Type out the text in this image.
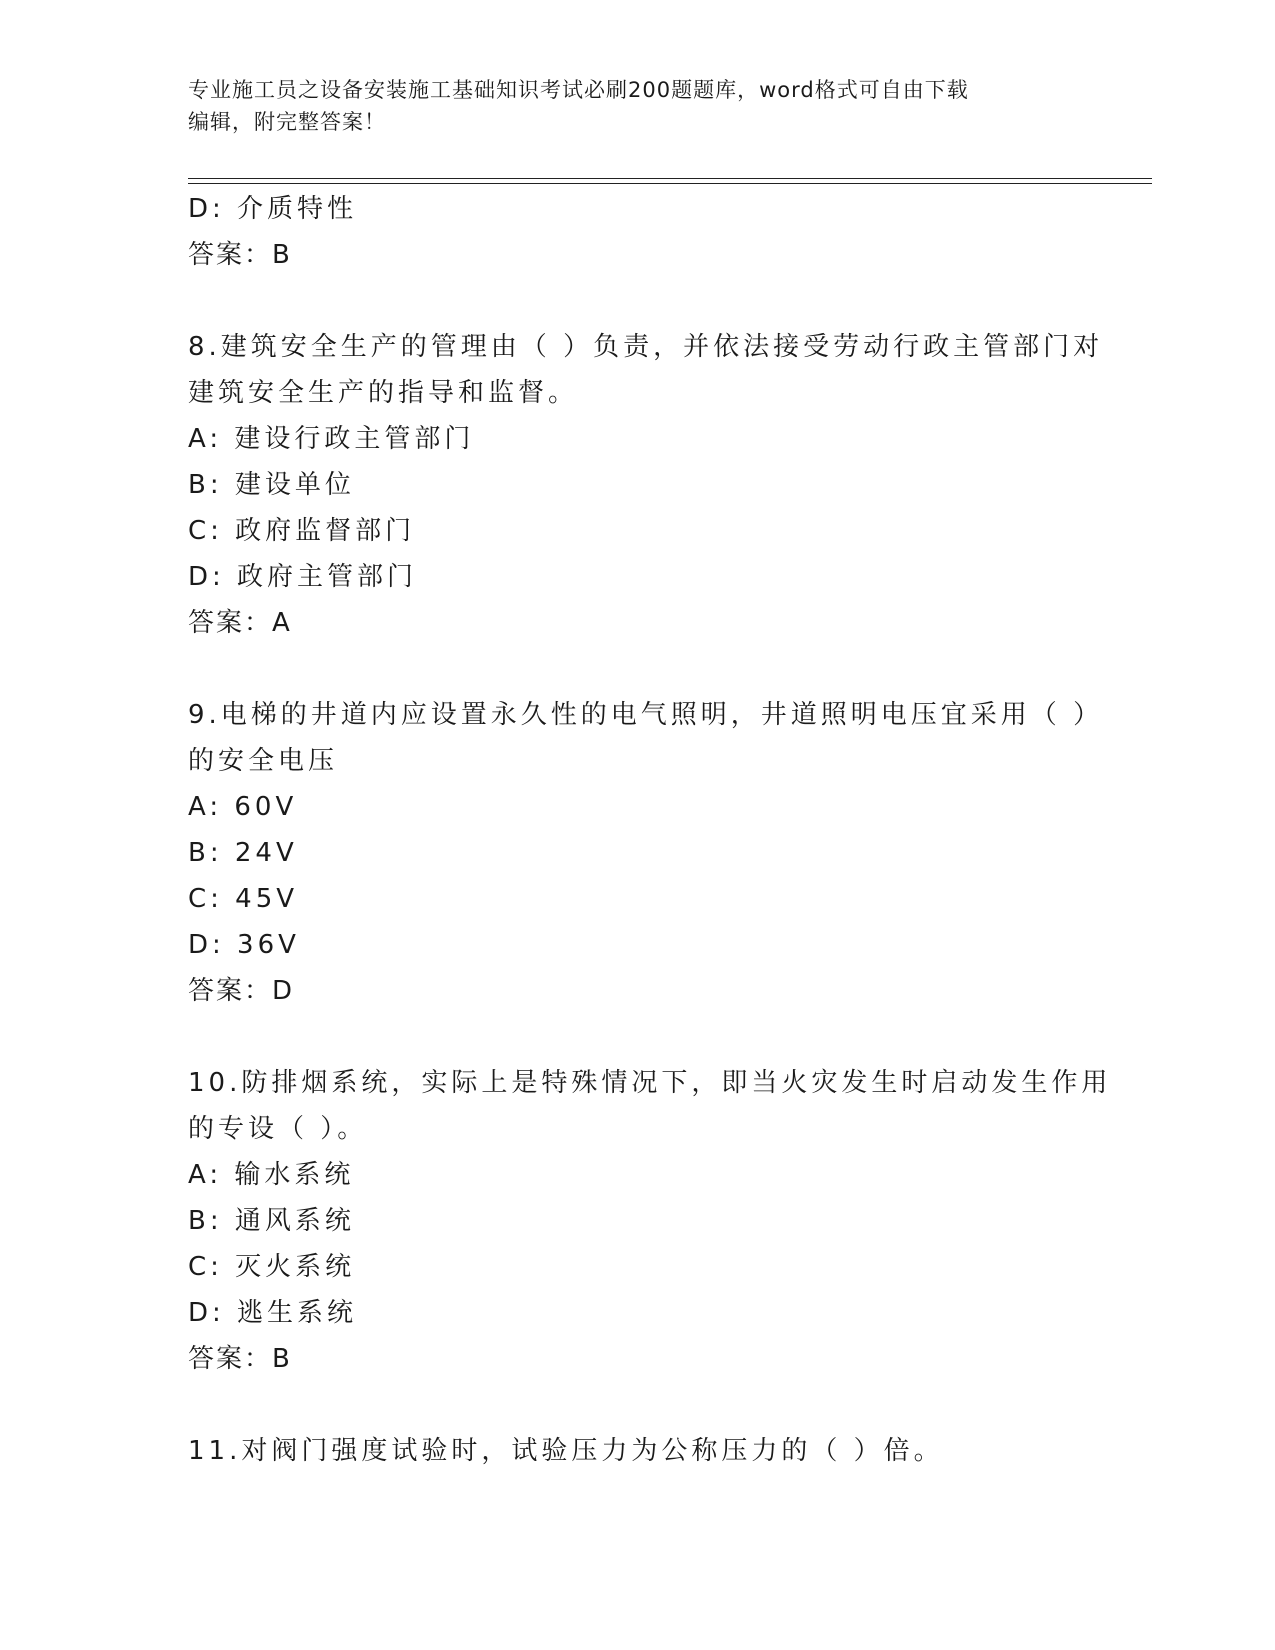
专业施工员之设备安装施工基础知识考试必刷200题题库，word格式可自由下载
编辑，附完整答案！
D: 介质特性
答案：B
8.建筑安全生产的管理由（ ）负责，并依法接受劳动行政主管部门对
建筑安全生产的指导和监督。
A: 建设行政主管部门
B: 建设单位
C: 政府监督部门
D: 政府主管部门
答案：A
9.电梯的井道内应设置永久性的电气照明，井道照明电压宜采用（ ）
的安全电压
A: 60V
B: 24V
C: 45V
D: 36V
答案：D
10.防排烟系统，实际上是特殊情况下，即当火灾发生时启动发生作用
的专设（ ）。
A: 输水系统
B: 通风系统
C: 灭火系统
D: 逃生系统
答案：B
11.对阀门强度试验时，试验压力为公称压力的（ ）倍。
